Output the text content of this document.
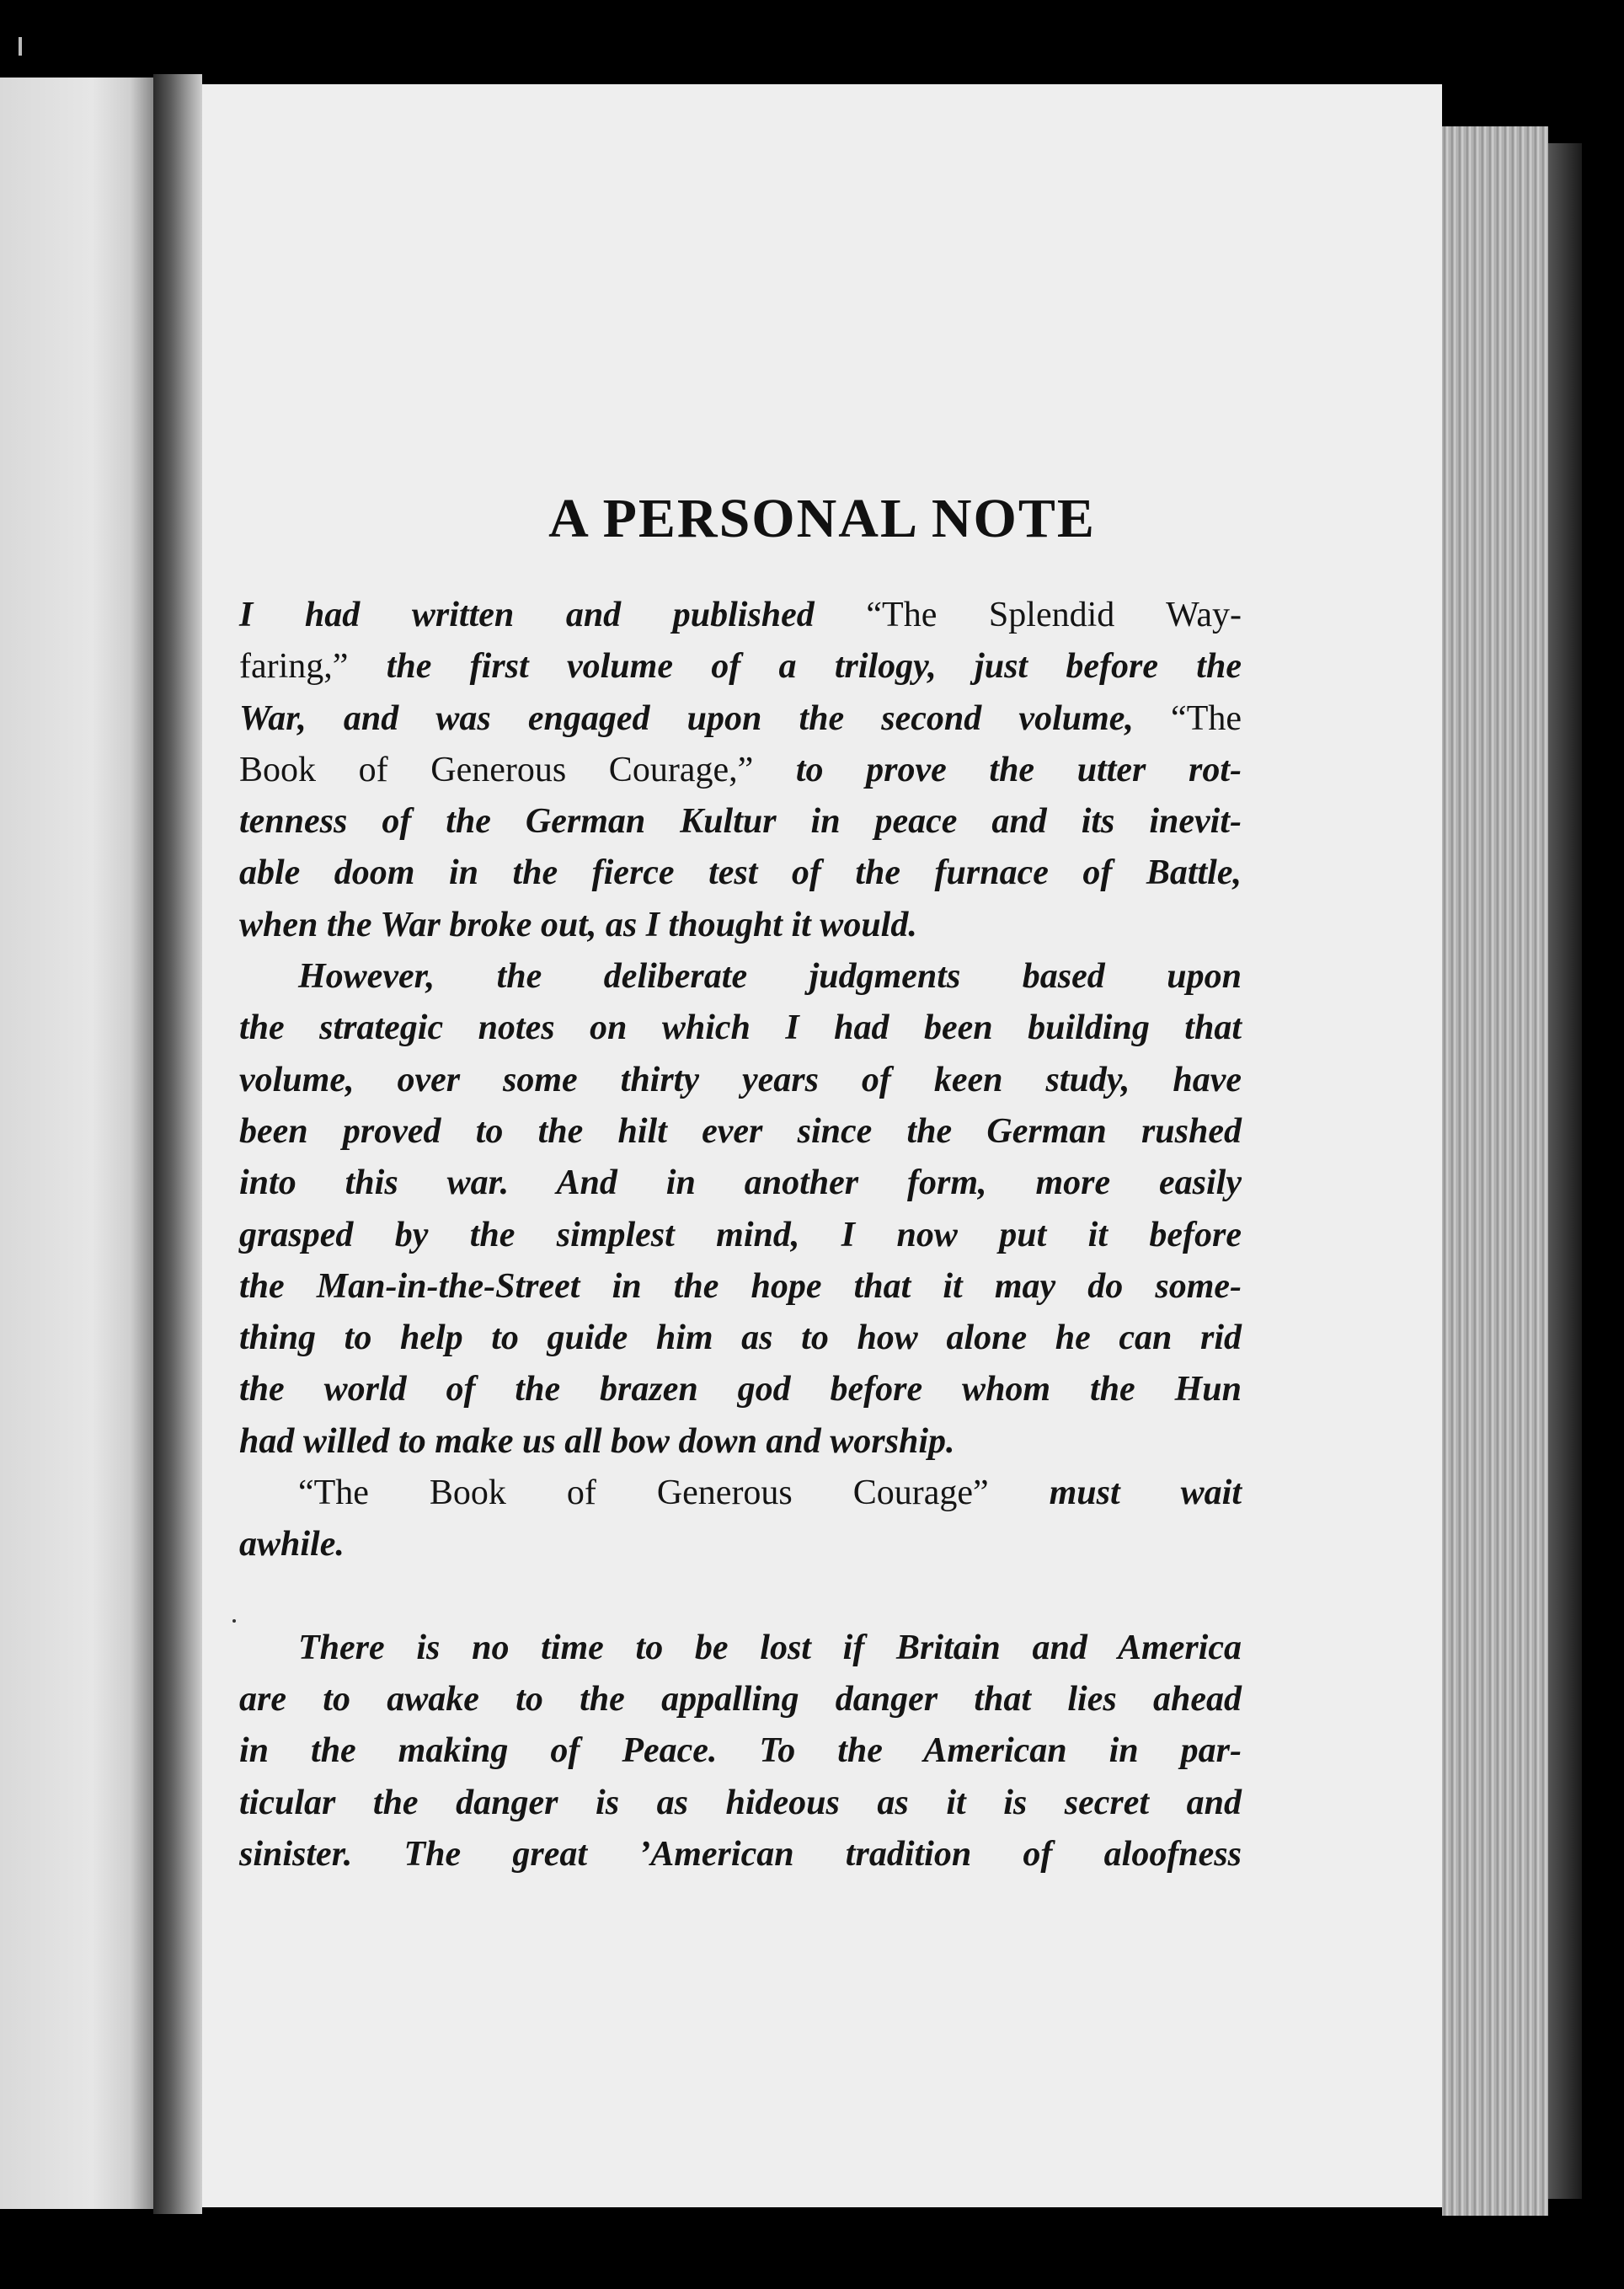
A PERSONAL NOTE
I had written and published “The Splendid Way-
faring,” the first volume of a trilogy, just before the
War, and was engaged upon the second volume, “The
Book of Generous Courage,” to prove the utter rot-
tenness of the German Kultur in peace and its inevit-
able doom in the fierce test of the furnace of Battle,
when the War broke out, as I thought it would.
However, the deliberate judgments based upon
the strategic notes on which I had been building that
volume, over some thirty years of keen study, have
been proved to the hilt ever since the German rushed
into this war. And in another form, more easily
grasped by the simplest mind, I now put it before
the Man-in-the-Street in the hope that it may do some-
thing to help to guide him as to how alone he can rid
the world of the brazen god before whom the Hun
had willed to make us all bow down and worship.
“The Book of Generous Courage” must wait
awhile.
There is no time to be lost if Britain and America
are to awake to the appalling danger that lies ahead
in the making of Peace. To the American in par-
ticular the danger is as hideous as it is secret and
sinister. The great ’American tradition of aloofness
